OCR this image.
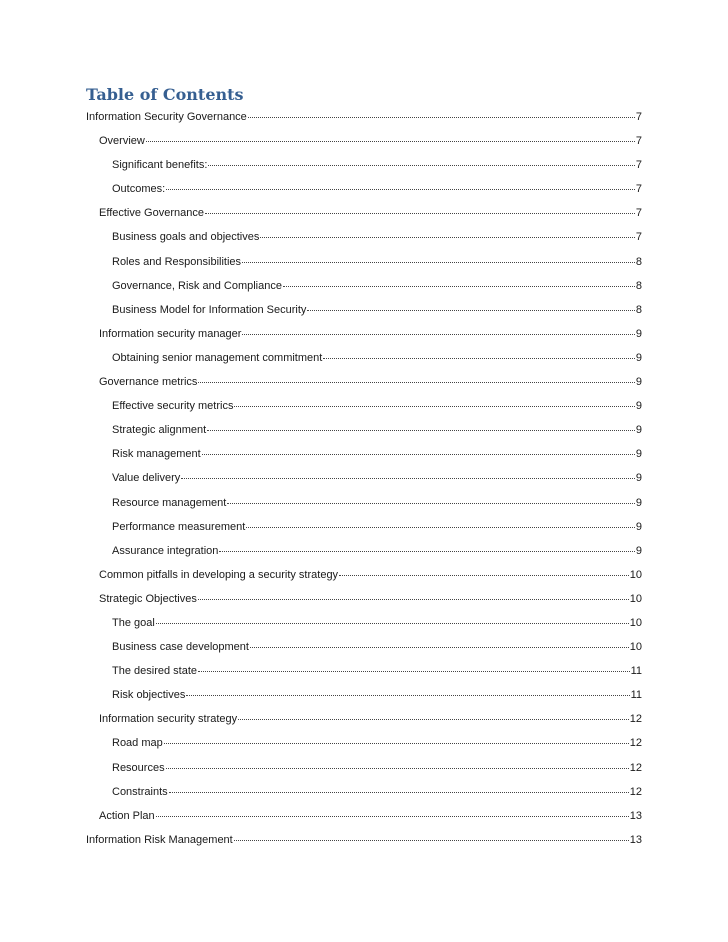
Table of Contents
Information Security Governance	7
Overview	7
Significant benefits:	7
Outcomes:	7
Effective Governance	7
Business goals and objectives	7
Roles and Responsibilities	8
Governance, Risk and Compliance	8
Business Model for Information Security	8
Information security manager	9
Obtaining senior management commitment	9
Governance metrics	9
Effective security metrics	9
Strategic alignment	9
Risk management	9
Value delivery	9
Resource management	9
Performance measurement	9
Assurance integration	9
Common pitfalls in developing a security strategy	10
Strategic Objectives	10
The goal	10
Business case development	10
The desired state	11
Risk objectives	11
Information security strategy	12
Road map	12
Resources	12
Constraints	12
Action Plan	13
Information Risk Management	13
